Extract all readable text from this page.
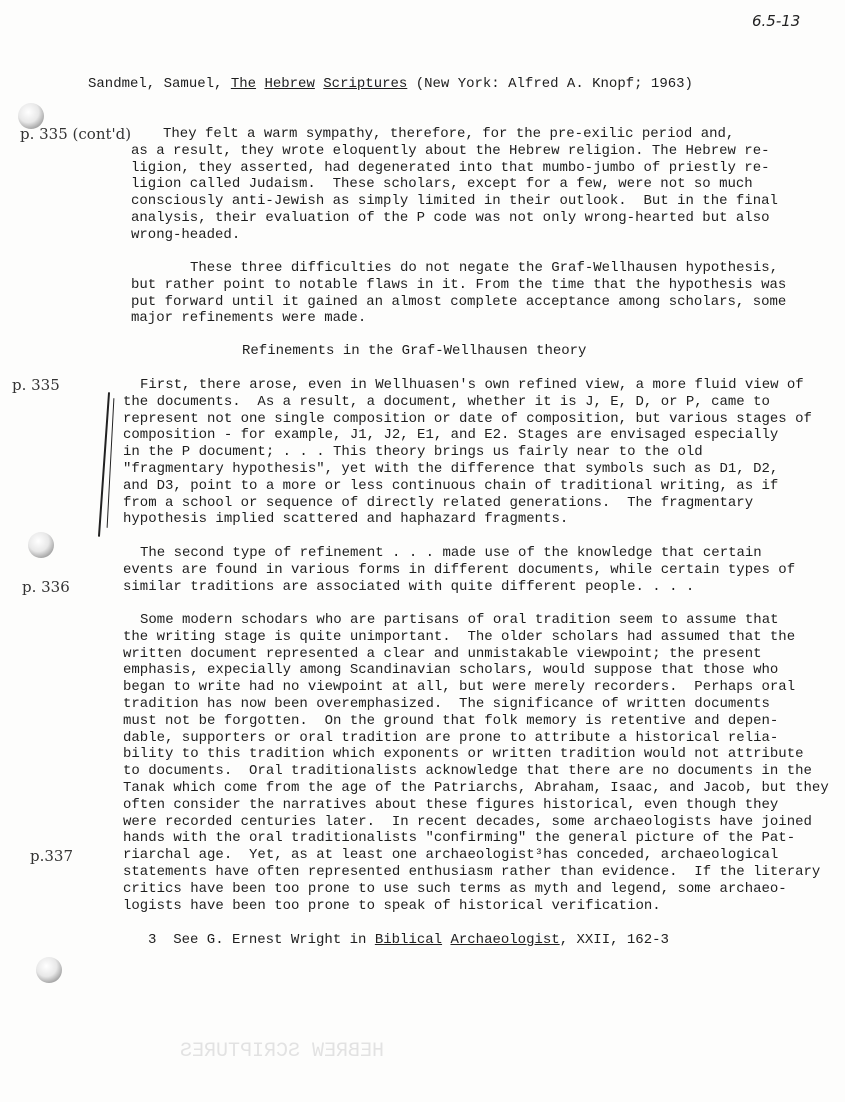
HEBREW SCRIPTURES
6.5-13
Sandmel, Samuel, The Hebrew Scriptures (New York: Alfred A. Knopf; 1963)
p. 335 (cont'd)	They felt a warm sympathy, therefore, for the pre-exilic period and,
as a result, they wrote eloquently about the Hebrew religion. The Hebrew re-
ligion, they asserted, had degenerated into that mumbo-jumbo of priestly re-
ligion called Judaism.  These scholars, except for a few, were not so much
consciously anti-Jewish as simply limited in their outlook.  But in the final
analysis, their evaluation of the P code was not only wrong-hearted but also
wrong-headed.
These three difficulties do not negate the Graf-Wellhausen hypothesis,
but rather point to notable flaws in it. From the time that the hypothesis was
put forward until it gained an almost complete acceptance among scholars, some
major refinements were made.
Refinements in the Graf-Wellhausen theory
p. 335	First, there arose, even in Wellhuasen's own refined view, a more fluid view of
the documents.  As a result, a document, whether it is J, E, D, or P, came to
represent not one single composition or date of composition, but various stages of
composition - for example, J1, J2, E1, and E2. Stages are envisaged especially
in the P document; . . . This theory brings us fairly near to the old
"fragmentary hypothesis", yet with the difference that symbols such as D1, D2,
and D3, point to a more or less continuous chain of traditional writing, as if
from a school or sequence of directly related generations.  The fragmentary
hypothesis implied scattered and haphazard fragments.
p. 336
The second type of refinement . . . made use of the knowledge that certain
events are found in various forms in different documents, while certain types of
similar traditions are associated with quite different people. . . .
p.337
Some modern schodars who are partisans of oral tradition seem to assume that
the writing stage is quite unimportant.  The older scholars had assumed that the
written document represented a clear and unmistakable viewpoint; the present
emphasis, expecially among Scandinavian scholars, would suppose that those who
began to write had no viewpoint at all, but were merely recorders.  Perhaps oral
tradition has now been overemphasized.  The significance of written documents
must not be forgotten.  On the ground that folk memory is retentive and depen-
dable, supporters or oral tradition are prone to attribute a historical relia-
bility to this tradition which exponents or written tradition would not attribute
to documents.  Oral traditionalists acknowledge that there are no documents in the
Tanak which come from the age of the Patriarchs, Abraham, Isaac, and Jacob, but they
often consider the narratives about these figures historical, even though they
were recorded centuries later.  In recent decades, some archaeologists have joined
hands with the oral traditionalists "confirming" the general picture of the Pat-
riarchal age.  Yet, as at least one archaeologist³has conceded, archaeological
statements have often represented enthusiasm rather than evidence.  If the literary
critics have been too prone to use such terms as myth and legend, some archaeo-
logists have been too prone to speak of historical verification.
3  See G. Ernest Wright in Biblical Archaeologist, XXII, 162-3
